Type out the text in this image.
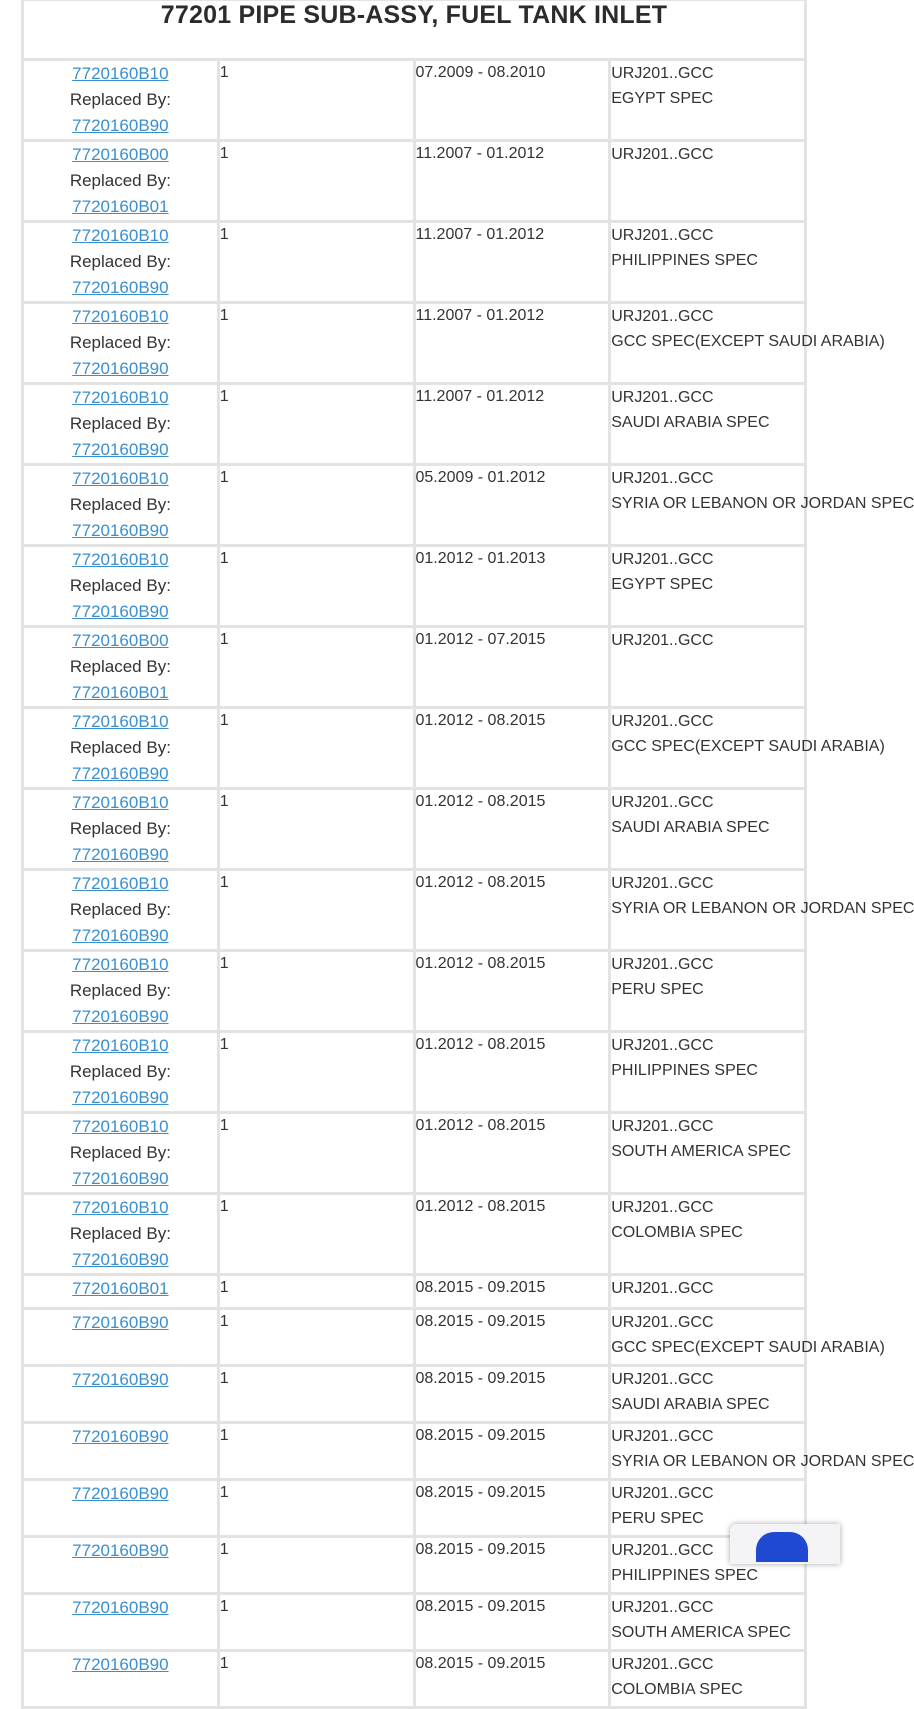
77201 PIPE SUB-ASSY, FUEL TANK INLET			

7720160B10
Replaced By: 7720160B90	1	07.2009 - 08.2010	URJ201..GCC
EGYPT SPEC

7720160B00
Replaced By: 7720160B01	1	11.2007 - 01.2012	URJ201..GCC

7720160B10
Replaced By: 7720160B90	1	11.2007 - 01.2012	URJ201..GCC
PHILIPPINES SPEC

7720160B10
Replaced By: 7720160B90	1	11.2007 - 01.2012	URJ201..GCC
GCC SPEC(EXCEPT SAUDI ARABIA)

7720160B10
Replaced By: 7720160B90	1	11.2007 - 01.2012	URJ201..GCC
SAUDI ARABIA SPEC

7720160B10
Replaced By: 7720160B90	1	05.2009 - 01.2012	URJ201..GCC
SYRIA OR LEBANON OR JORDAN SPEC

7720160B10
Replaced By: 7720160B90	1	01.2012 - 01.2013	URJ201..GCC
EGYPT SPEC

7720160B00
Replaced By: 7720160B01	1	01.2012 - 07.2015	URJ201..GCC

7720160B10
Replaced By: 7720160B90	1	01.2012 - 08.2015	URJ201..GCC
GCC SPEC(EXCEPT SAUDI ARABIA)

7720160B10
Replaced By: 7720160B90	1	01.2012 - 08.2015	URJ201..GCC
SAUDI ARABIA SPEC

7720160B10
Replaced By: 7720160B90	1	01.2012 - 08.2015	URJ201..GCC
SYRIA OR LEBANON OR JORDAN SPEC

7720160B10
Replaced By: 7720160B90	1	01.2012 - 08.2015	URJ201..GCC
PERU SPEC

7720160B10
Replaced By: 7720160B90	1	01.2012 - 08.2015	URJ201..GCC
PHILIPPINES SPEC

7720160B10
Replaced By: 7720160B90	1	01.2012 - 08.2015	URJ201..GCC
SOUTH AMERICA SPEC

7720160B10
Replaced By: 7720160B90	1	01.2012 - 08.2015	URJ201..GCC
COLOMBIA SPEC

7720160B01	1	08.2015 - 09.2015	URJ201..GCC

7720160B90	1	08.2015 - 09.2015	URJ201..GCC
GCC SPEC(EXCEPT SAUDI ARABIA)

7720160B90	1	08.2015 - 09.2015	URJ201..GCC
SAUDI ARABIA SPEC

7720160B90	1	08.2015 - 09.2015	URJ201..GCC
SYRIA OR LEBANON OR JORDAN SPEC

7720160B90	1	08.2015 - 09.2015	URJ201..GCC
PERU SPEC

7720160B90	1	08.2015 - 09.2015	URJ201..GCC
PHILIPPINES SPEC

7720160B90	1	08.2015 - 09.2015	URJ201..GCC
SOUTH AMERICA SPEC

7720160B90	1	08.2015 - 09.2015	URJ201..GCC
COLOMBIA SPEC
